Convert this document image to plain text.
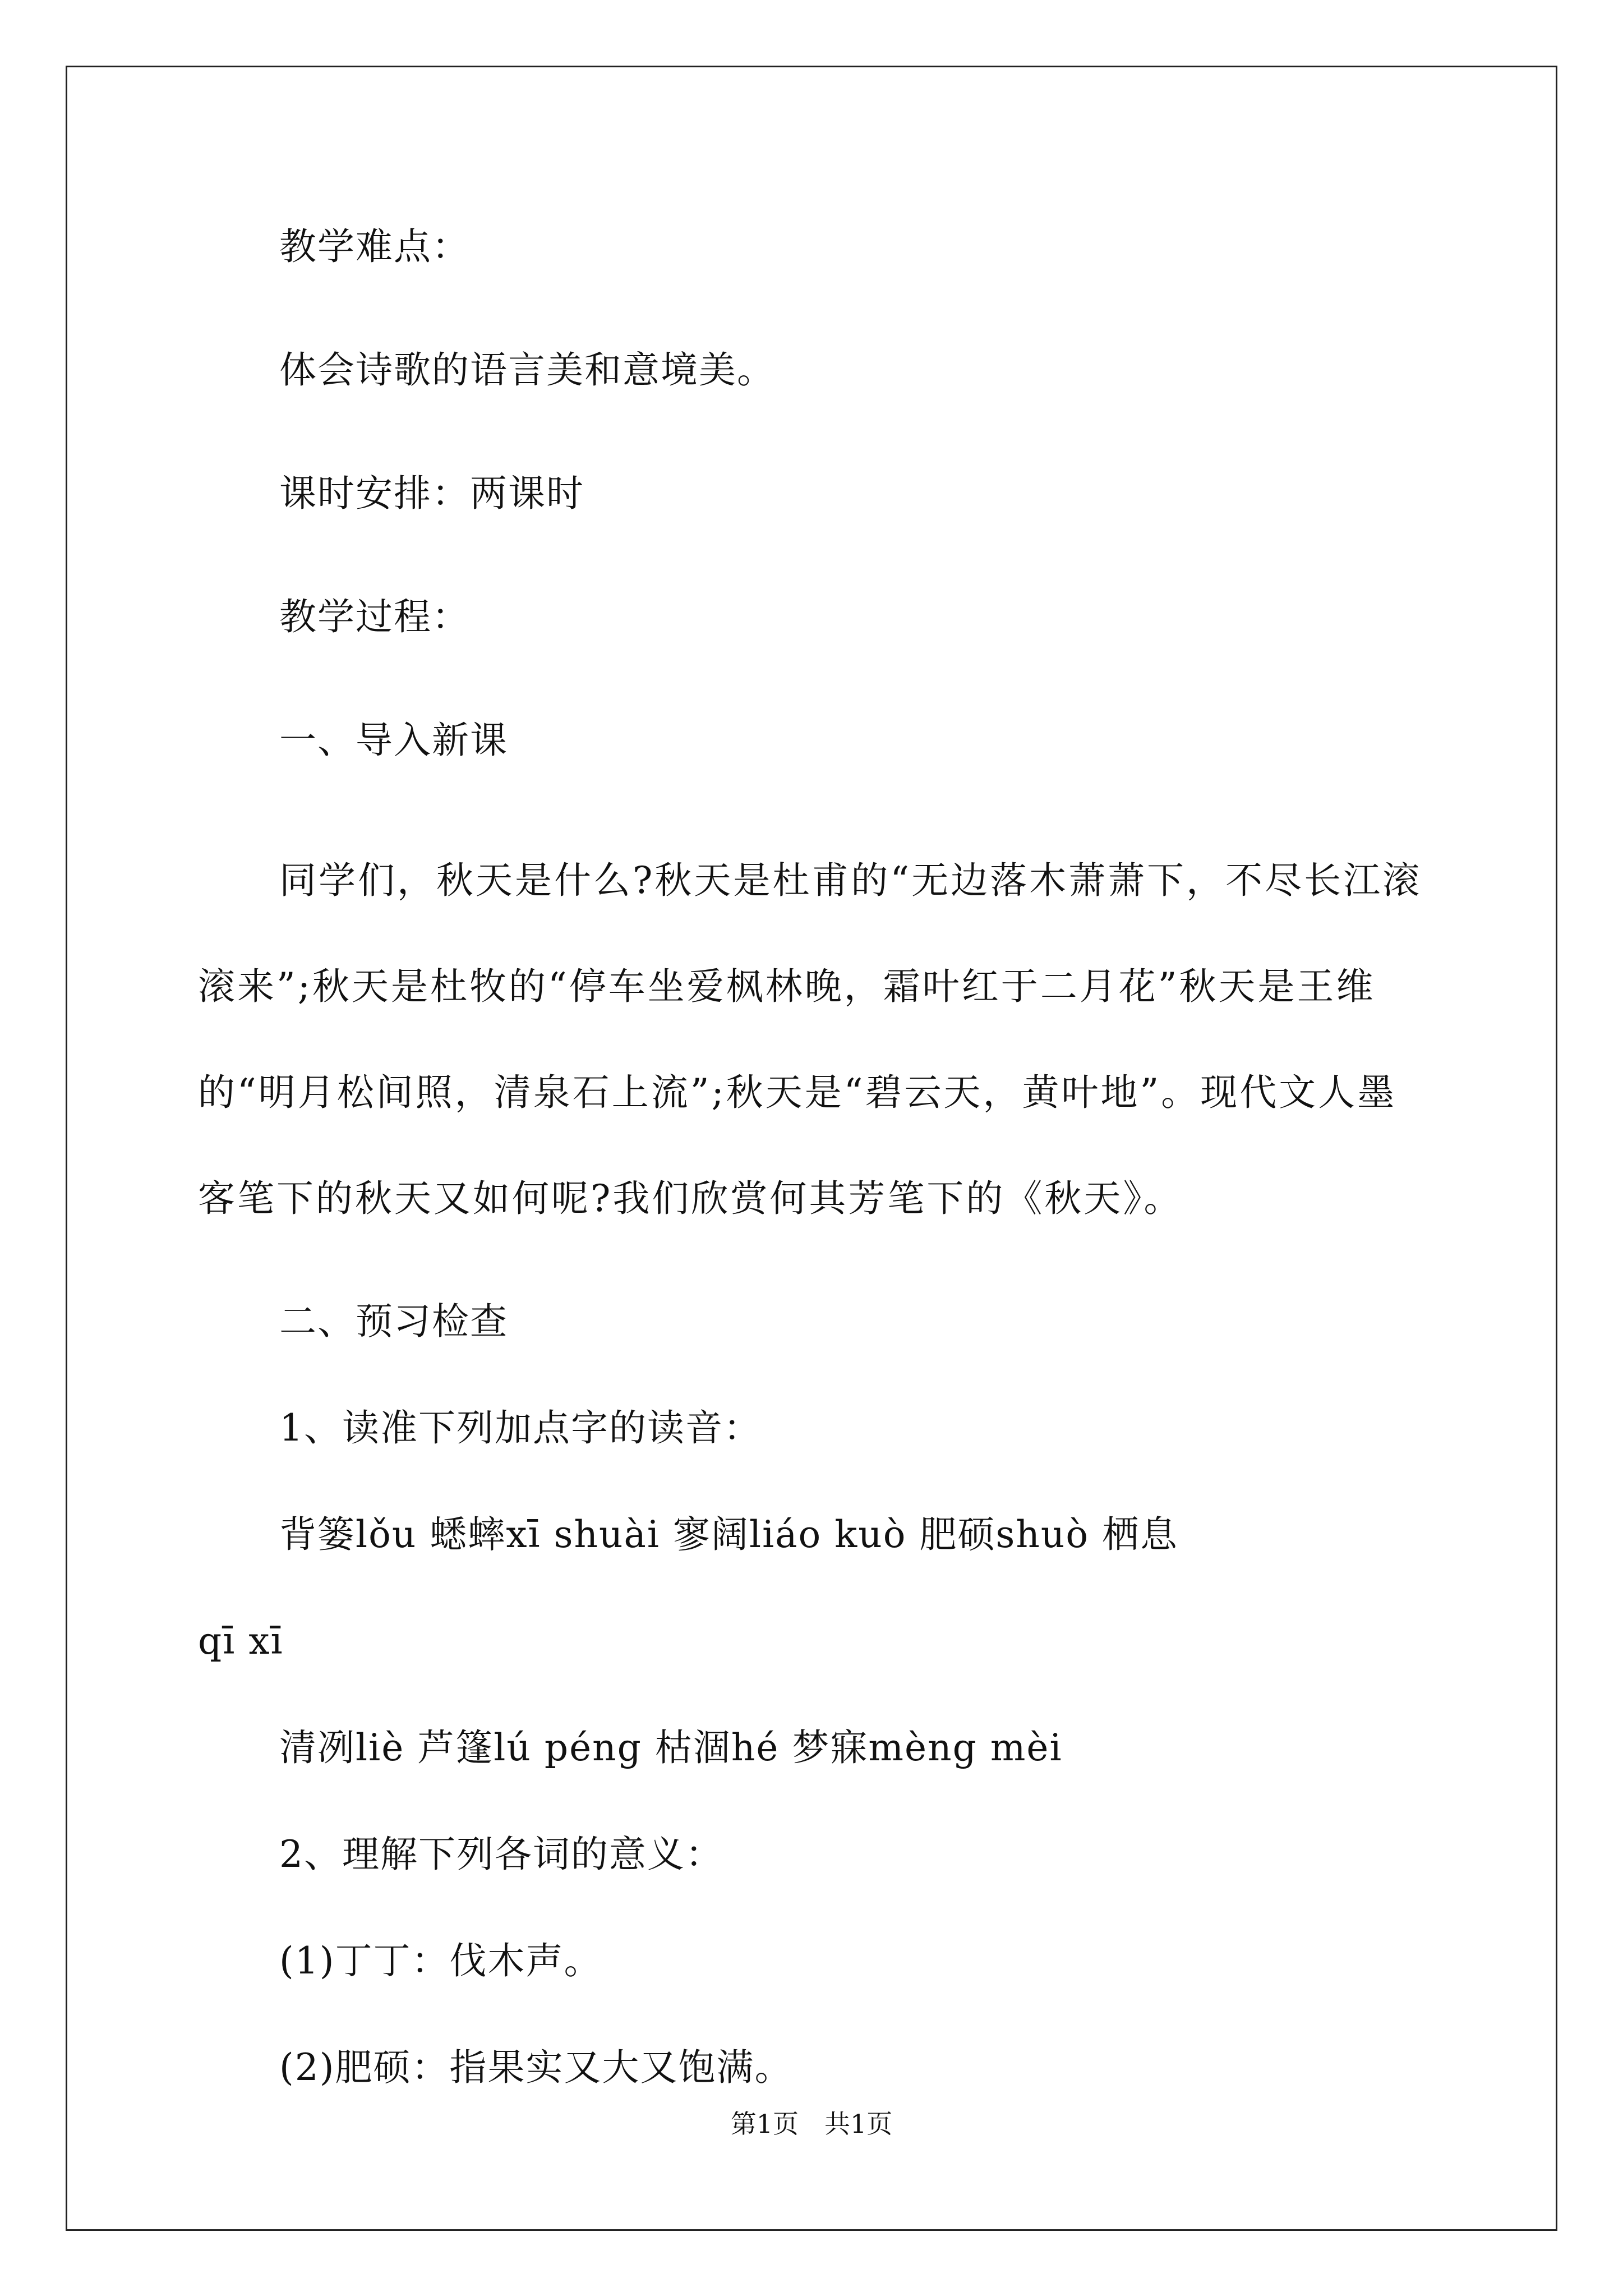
教学难点：
体会诗歌的语言美和意境美。
课时安排：两课时
教学过程：
一、导入新课
同学们，秋天是什么?秋天是杜甫的“无边落木萧萧下，不尽长江滚滚来”;秋天是杜牧的“停车坐爱枫林晚，霜叶红于二月花”秋天是王维的“明月松间照，清泉石上流”;秋天是“碧云天，黄叶地”。现代文人墨客笔下的秋天又如何呢?我们欣赏何其芳笔下的《秋天》。
二、预习检查
1、读准下列加点字的读音：
背篓lǒu 蟋蟀xī shuài 寥阔liáo kuò 肥硕shuò 栖息
qī xī
清冽liè 芦篷lú péng 枯涸hé 梦寐mèng mèi
2、理解下列各词的意义：
(1)丁丁：伐木声。
(2)肥硕：指果实又大又饱满。
第1页　共1页
